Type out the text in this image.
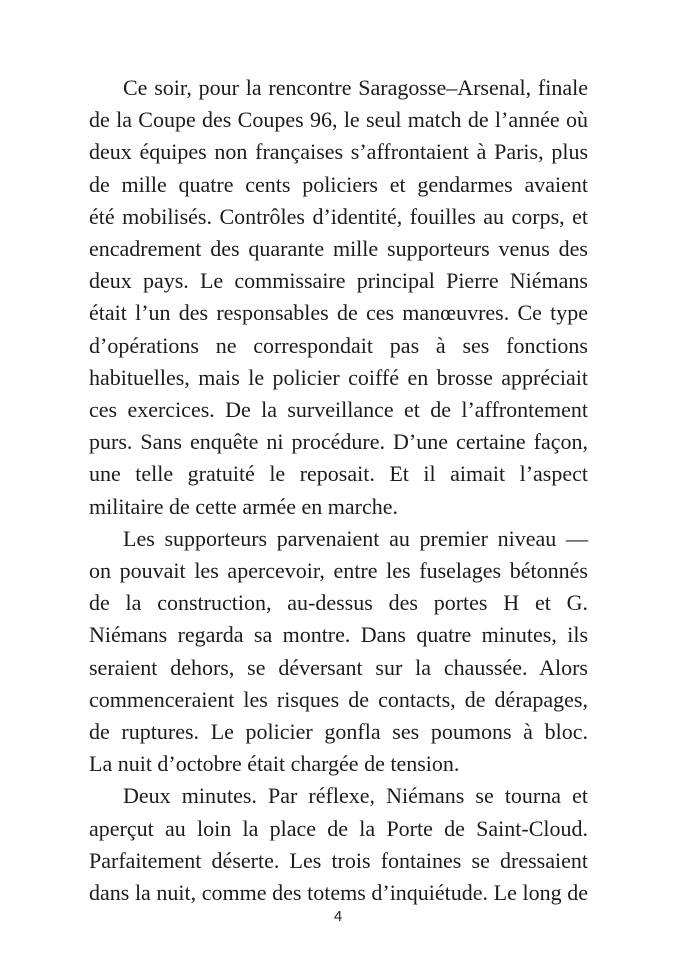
Ce soir, pour la rencontre Saragosse–Arsenal, finale
de la Coupe des Coupes 96, le seul match de l’année où
deux équipes non françaises s’affrontaient à Paris, plus
de mille quatre cents policiers et gendarmes avaient
été mobilisés. Contrôles d’identité, fouilles au corps, et
encadrement des quarante mille supporteurs venus des
deux pays. Le commissaire principal Pierre Niémans
était l’un des responsables de ces manœuvres. Ce type
d’opérations ne correspondait pas à ses fonctions
habituelles, mais le policier coiffé en brosse appréciait
ces exercices. De la surveillance et de l’affrontement
purs. Sans enquête ni procédure. D’une certaine façon,
une telle gratuité le reposait. Et il aimait l’aspect
militaire de cette armée en marche.

Les supporteurs parvenaient au premier niveau —
on pouvait les apercevoir, entre les fuselages bétonnés
de la construction, au-dessus des portes H et G.
Niémans regarda sa montre. Dans quatre minutes, ils
seraient dehors, se déversant sur la chaussée. Alors
commenceraient les risques de contacts, de dérapages,
de ruptures. Le policier gonfla ses poumons à bloc.
La nuit d’octobre était chargée de tension.

Deux minutes. Par réflexe, Niémans se tourna et
aperçut au loin la place de la Porte de Saint-Cloud.
Parfaitement déserte. Les trois fontaines se dressaient
dans la nuit, comme des totems d’inquiétude. Le long de

4
